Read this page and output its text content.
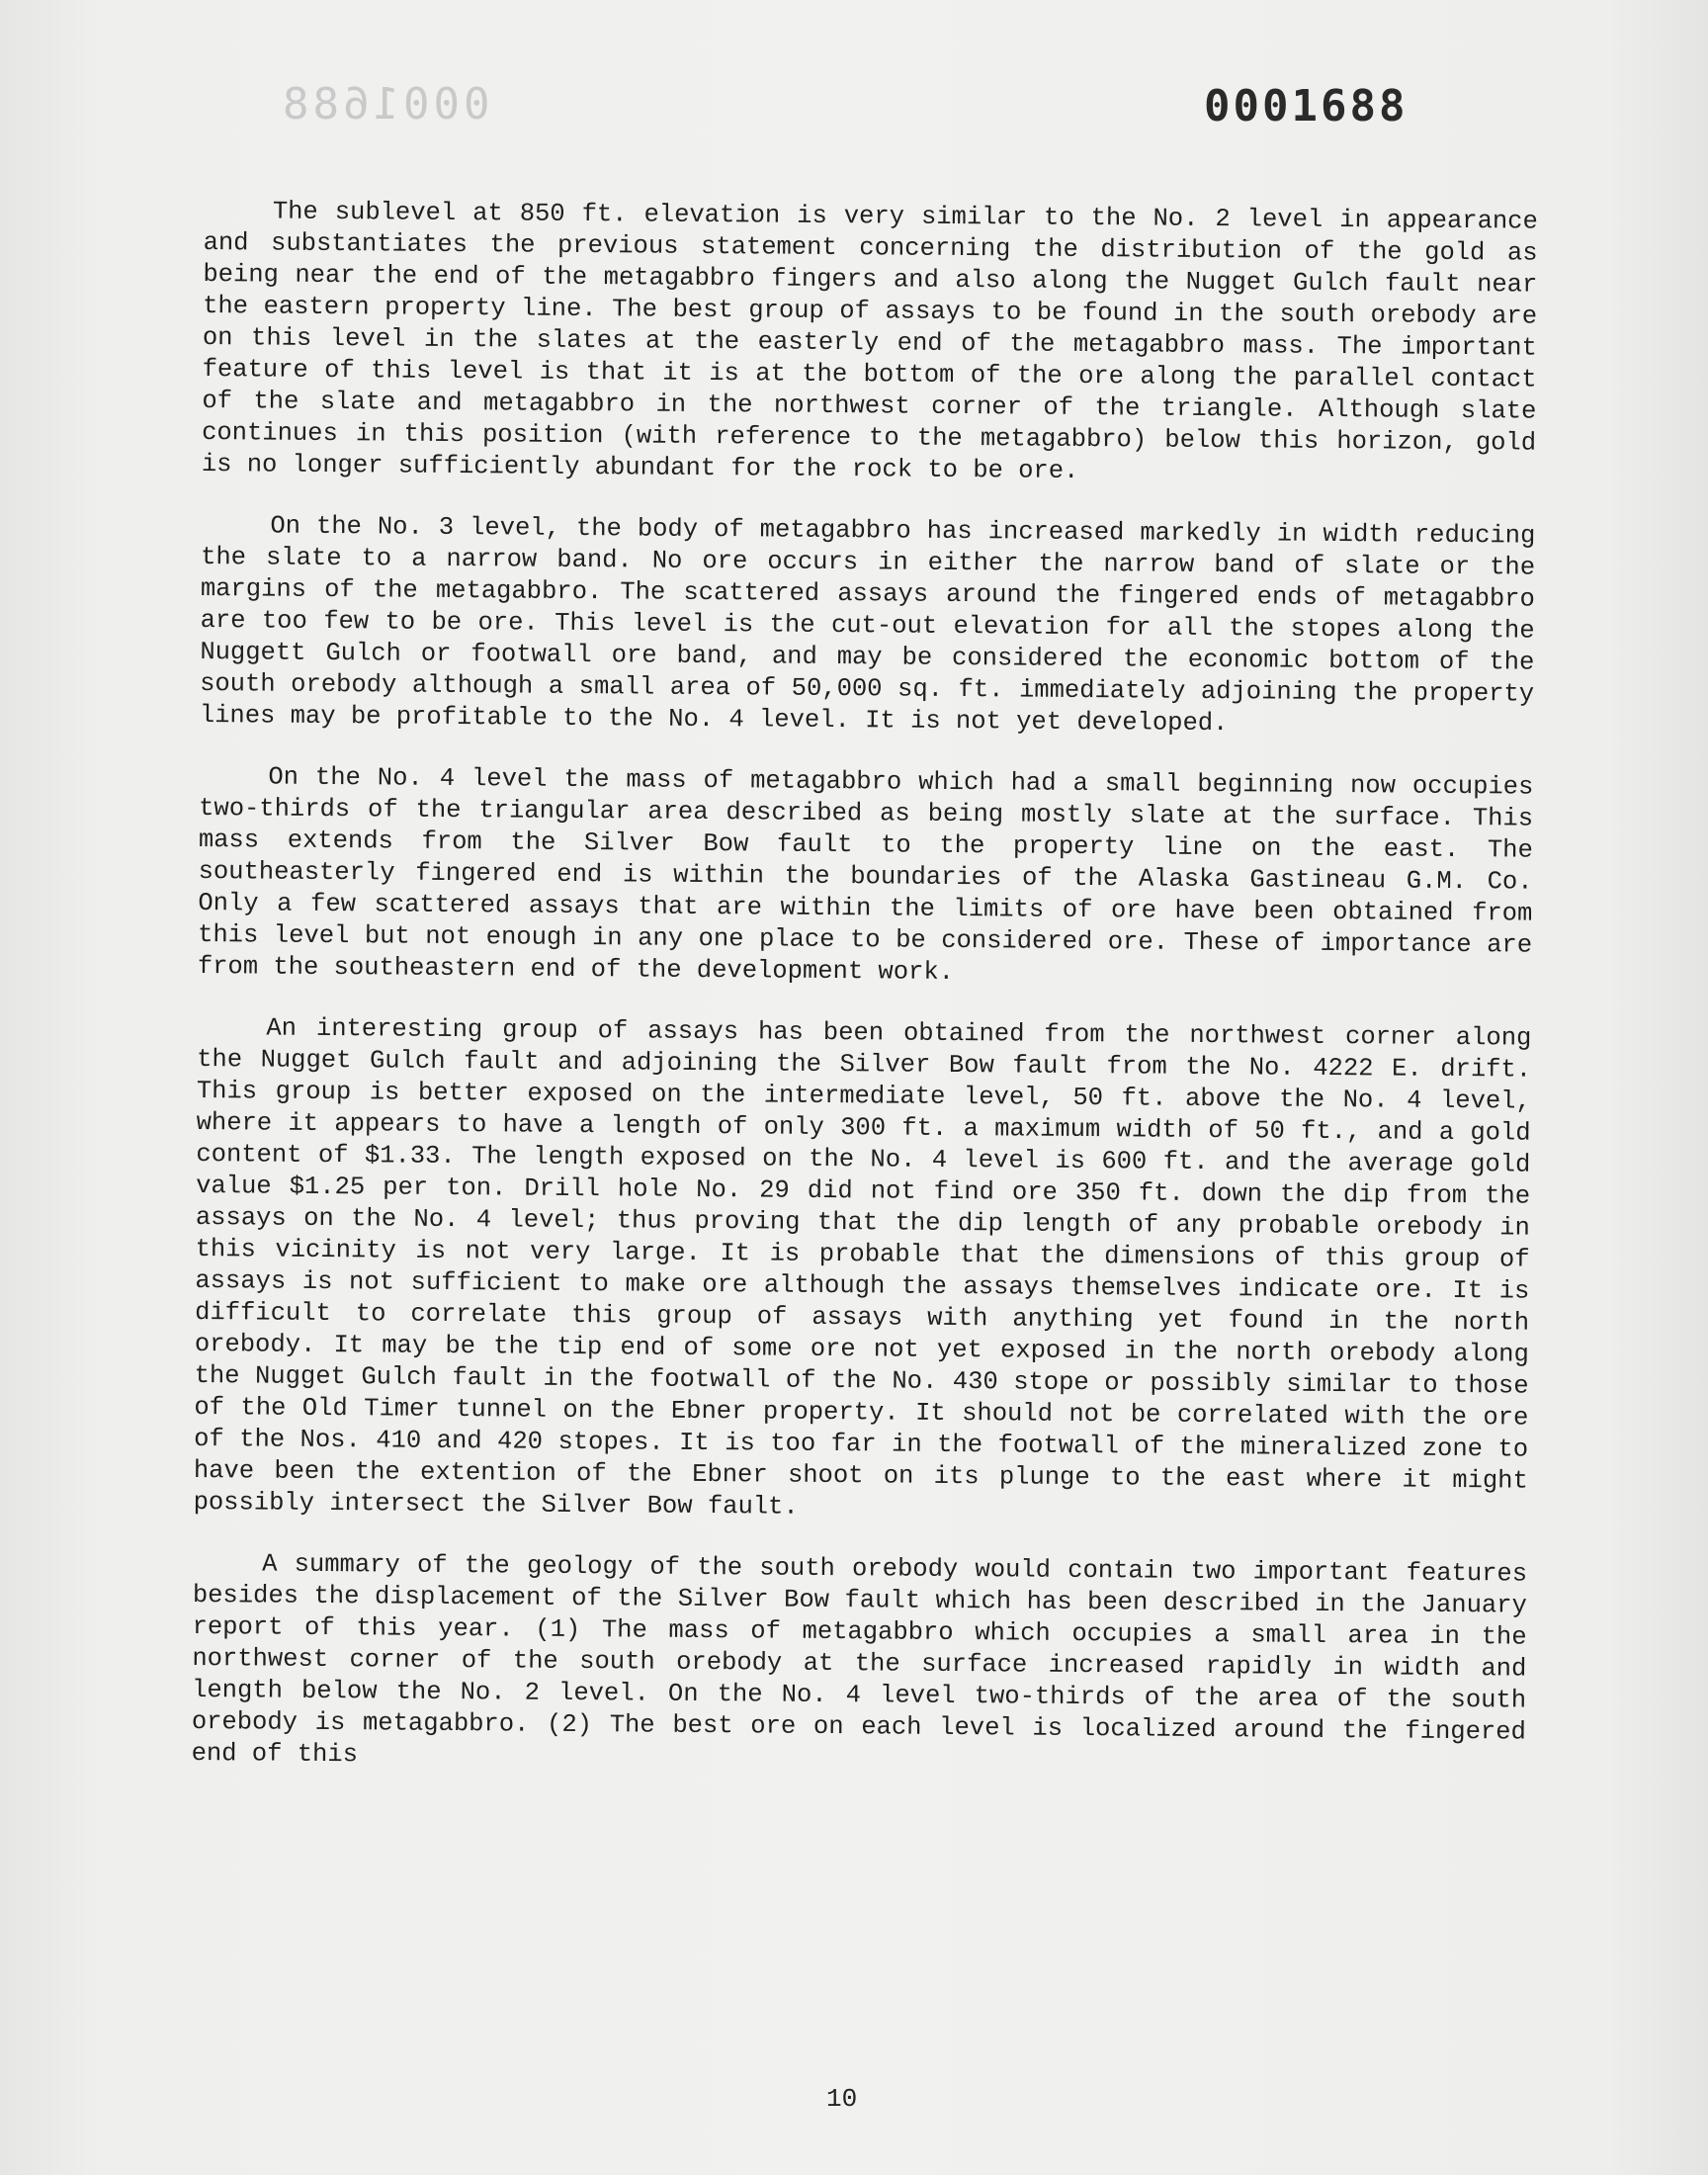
0001688	0001688

The sublevel at 850 ft. elevation is very similar to the No. 2 level in appearance and substantiates the previous statement concerning the distribution of the gold as being near the end of the metagabbro fingers and also along the Nugget Gulch fault near the eastern property line. The best group of assays to be found in the south orebody are on this level in the slates at the easterly end of the metagabbro mass. The important feature of this level is that it is at the bottom of the ore along the parallel contact of the slate and metagabbro in the northwest corner of the triangle. Although slate continues in this position (with reference to the metagabbro) below this horizon, gold is no longer sufficiently abundant for the rock to be ore.

On the No. 3 level, the body of metagabbro has increased markedly in width reducing the slate to a narrow band. No ore occurs in either the narrow band of slate or the margins of the metagabbro. The scattered assays around the fingered ends of metagabbro are too few to be ore. This level is the cut-out elevation for all the stopes along the Nuggett Gulch or footwall ore band, and may be considered the economic bottom of the south orebody although a small area of 50,000 sq. ft. immediately adjoining the property lines may be profitable to the No. 4 level. It is not yet developed.

On the No. 4 level the mass of metagabbro which had a small beginning now occupies two-thirds of the triangular area described as being mostly slate at the surface. This mass extends from the Silver Bow fault to the property line on the east. The southeasterly fingered end is within the boundaries of the Alaska Gastineau G.M. Co. Only a few scattered assays that are within the limits of ore have been obtained from this level but not enough in any one place to be considered ore. These of importance are from the southeastern end of the development work.

An interesting group of assays has been obtained from the northwest corner along the Nugget Gulch fault and adjoining the Silver Bow fault from the No. 4222 E. drift. This group is better exposed on the intermediate level, 50 ft. above the No. 4 level, where it appears to have a length of only 300 ft. a maximum width of 50 ft., and a gold content of $1.33. The length exposed on the No. 4 level is 600 ft. and the average gold value $1.25 per ton. Drill hole No. 29 did not find ore 350 ft. down the dip from the assays on the No. 4 level; thus proving that the dip length of any probable orebody in this vicinity is not very large. It is probable that the dimensions of this group of assays is not sufficient to make ore although the assays themselves indicate ore. It is difficult to correlate this group of assays with anything yet found in the north orebody. It may be the tip end of some ore not yet exposed in the north orebody along the Nugget Gulch fault in the footwall of the No. 430 stope or possibly similar to those of the Old Timer tunnel on the Ebner property. It should not be correlated with the ore of the Nos. 410 and 420 stopes. It is too far in the footwall of the mineralized zone to have been the extention of the Ebner shoot on its plunge to the east where it might possibly intersect the Silver Bow fault.

A summary of the geology of the south orebody would contain two important features besides the displacement of the Silver Bow fault which has been described in the January report of this year. (1) The mass of metagabbro which occupies a small area in the northwest corner of the south orebody at the surface increased rapidly in width and length below the No. 2 level. On the No. 4 level two-thirds of the area of the south orebody is metagabbro. (2) The best ore on each level is localized around the fingered end of this

10
